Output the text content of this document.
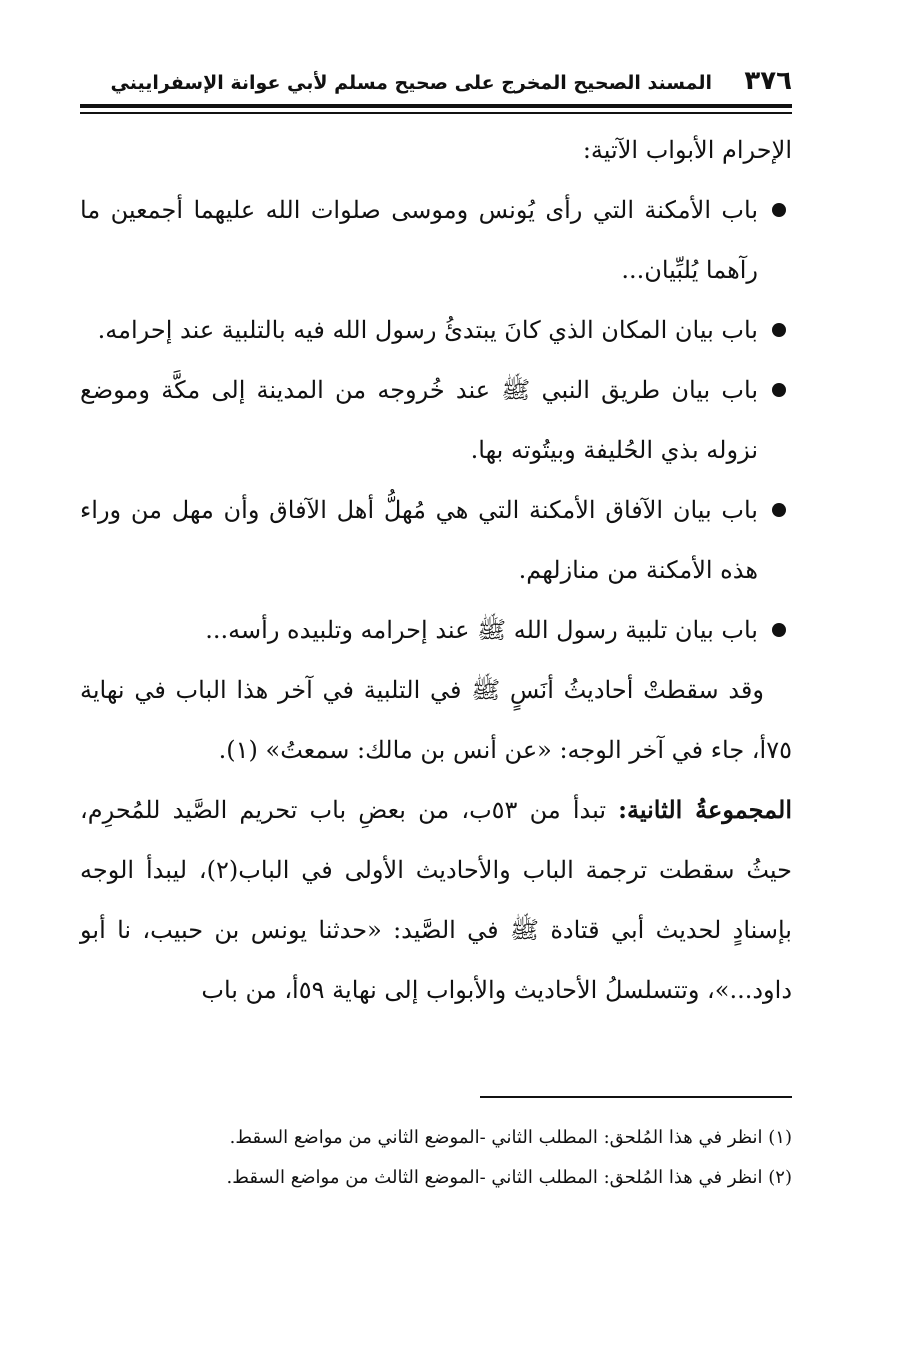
٣٧٦
المسند الصحيح المخرج على صحيح مسلم لأبي عوانة الإسفراييني

الإحرام الأبواب الآتية:

باب الأمكنة التي رأى يُونس وموسى صلوات الله عليهما أجمعين ما رآهما يُلبِّيان...

باب بيان المكان الذي كانَ يبتدئُ رسول الله فيه بالتلبية عند إحرامه.

باب بيان طريق النبي ﷺ عند خُروجه من المدينة إلى مكَّة وموضع نزوله بذي الحُليفة وبيتُوته بها.

باب بيان الآفاق الأمكنة التي هي مُهلُّ أهل الآفاق وأن مهل من وراء هذه الأمكنة من منازلهم.

باب بيان تلبية رسول الله ﷺ عند إحرامه وتلبيده رأسه...

وقد سقطتْ أحاديثُ أنَسٍ ﷺ في التلبية في آخر هذا الباب في نهاية ٧٥أ، جاء في آخر الوجه: «عن أنس بن مالك: سمعتُ» (١).

المجموعةُ الثانية: تبدأ من ٥٣ب، من بعضِ باب تحريم الصَّيد للمُحرِم، حيثُ سقطت ترجمة الباب والأحاديث الأولى في الباب(٢)، ليبدأ الوجه بإسنادٍ لحديث أبي قتادة ﷺ في الصَّيد: «حدثنا يونس بن حبيب، نا أبو داود...»، وتتسلسلُ الأحاديث والأبواب إلى نهاية ٥٩أ، من باب

(١) انظر في هذا المُلحق: المطلب الثاني -الموضع الثاني من مواضع السقط.

(٢) انظر في هذا المُلحق: المطلب الثاني -الموضع الثالث من مواضع السقط.
